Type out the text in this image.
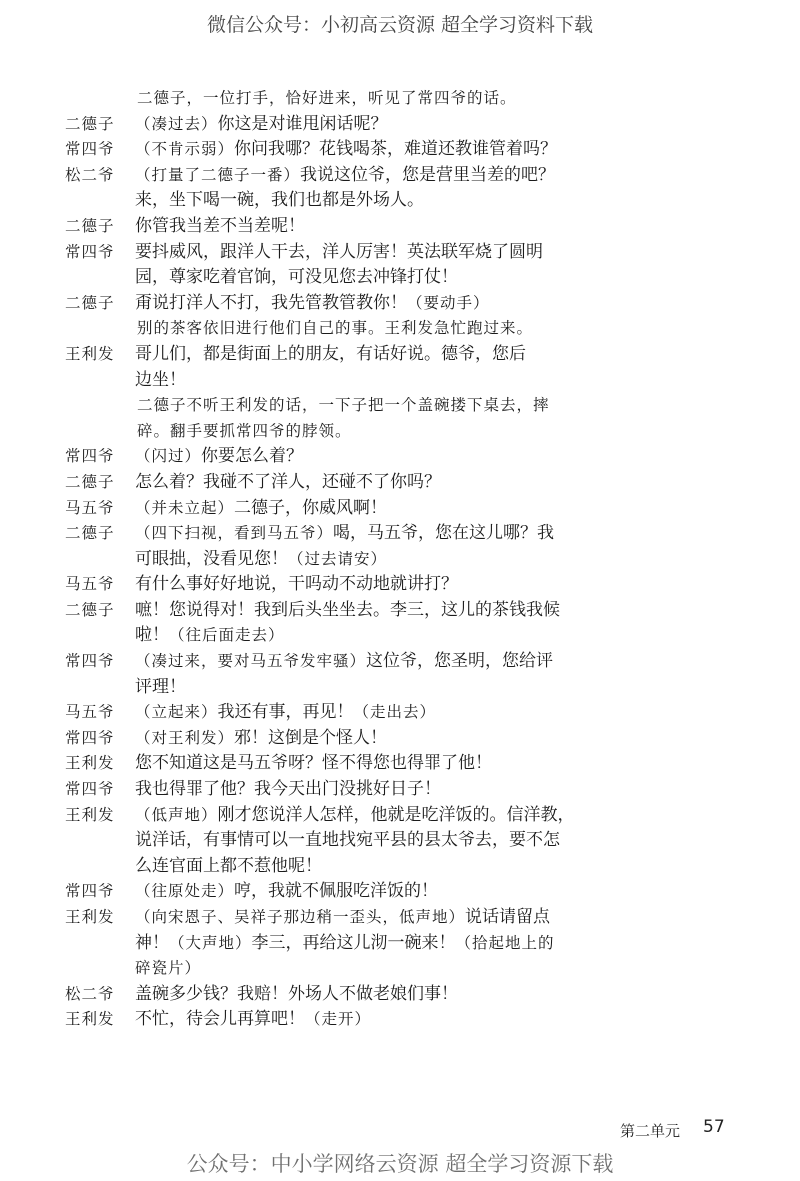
微信公众号：小初高云资源 超全学习资料下载
二德子，一位打手，恰好进来，听见了常四爷的话。
二德子 （凑过去）你这是对谁甩闲话呢？
常四爷 （不肯示弱）你问我哪？花钱喝茶，难道还教谁管着吗？
松二爷 （打量了二德子一番）我说这位爷，您是营里当差的吧？
来，坐下喝一碗，我们也都是外场人。
二德子 你管我当差不当差呢！
常四爷 要抖威风，跟洋人干去，洋人厉害！英法联军烧了圆明
园，尊家吃着官饷，可没见您去冲锋打仗！
二德子 甭说打洋人不打，我先管教管教你！（要动手）
别的茶客依旧进行他们自己的事。王利发急忙跑过来。
王利发 哥儿们，都是街面上的朋友，有话好说。德爷，您后
边坐！
二德子不听王利发的话，一下子把一个盖碗搂下桌去，摔
碎。翻手要抓常四爷的脖领。
常四爷 （闪过）你要怎么着？
二德子 怎么着？我碰不了洋人，还碰不了你吗？
马五爷 （并未立起）二德子，你威风啊！
二德子 （四下扫视，看到马五爷）喝，马五爷，您在这儿哪？我
可眼拙，没看见您！（过去请安）
马五爷 有什么事好好地说，干吗动不动地就讲打？
二德子 嗻！您说得对！我到后头坐坐去。李三，这儿的茶钱我候
啦！（往后面走去）
常四爷 （凑过来，要对马五爷发牢骚）这位爷，您圣明，您给评
评理！
马五爷 （立起来）我还有事，再见！（走出去）
常四爷 （对王利发）邪！这倒是个怪人！
王利发 您不知道这是马五爷呀？怪不得您也得罪了他！
常四爷 我也得罪了他？我今天出门没挑好日子！
王利发 （低声地）刚才您说洋人怎样，他就是吃洋饭的。信洋教，
说洋话，有事情可以一直地找宛平县的县太爷去，要不怎
么连官面上都不惹他呢！
常四爷 （往原处走）哼，我就不佩服吃洋饭的！
王利发 （向宋恩子、吴祥子那边稍一歪头，低声地）说话请留点
神！（大声地）李三，再给这儿沏一碗来！（拾起地上的
碎瓷片）
松二爷 盖碗多少钱？我赔！外场人不做老娘们事！
王利发 不忙，待会儿再算吧！（走开）
第二单元 57
公众号：中小学网络云资源 超全学习资源下载
